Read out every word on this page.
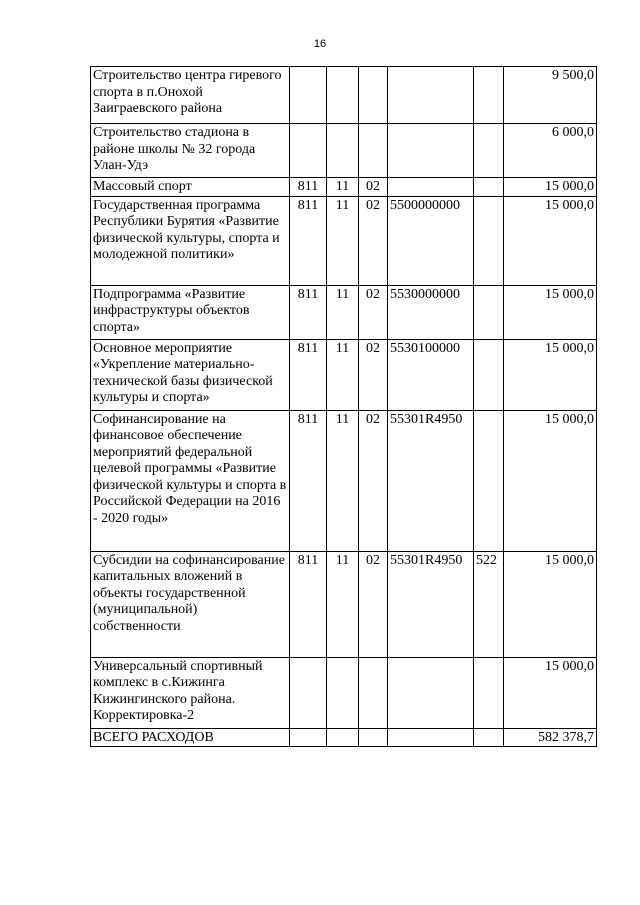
16
Строительство центра гиревого спорта в п.Онохой Заиграевского района						9 500,0
Строительство стадиона в районе школы № 32 города Улан-Удэ						6 000,0
Массовый спорт	811	11	02			15 000,0
Государственная программа Республики Бурятия «Развитие физической культуры, спорта и молодежной политики»	811	11	02	5500000000		15 000,0
Подпрограмма «Развитие инфраструктуры объектов спорта»	811	11	02	5530000000		15 000,0
Основное мероприятие «Укрепление материально-технической базы физической культуры и спорта»	811	11	02	5530100000		15 000,0
Софинансирование на финансовое обеспечение мероприятий федеральной целевой программы «Развитие физической культуры и спорта в Российской Федерации на 2016 - 2020 годы»	811	11	02	55301R4950		15 000,0
Субсидии на софинансирование капитальных вложений в объекты государственной (муниципальной) собственности	811	11	02	55301R4950	522	15 000,0
Универсальный спортивный комплекс в с.Кижинга Кижингинского района. Корректировка-2						15 000,0
ВСЕГО РАСХОДОВ						582 378,7
